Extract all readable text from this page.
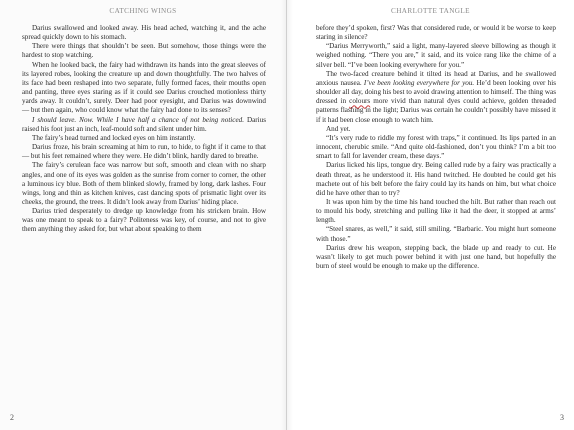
CATCHING WINGS

Darius swallowed and looked away. His head ached, watching it, and the ache spread quickly down to his stomach.

There were things that shouldn’t be seen. But somehow, those things were the hardest to stop watching.

When he looked back, the fairy had withdrawn its hands into the great sleeves of its layered robes, looking the creature up and down thoughtfully. The two halves of its face had been reshaped into two separate, fully formed faces, their mouths open and panting, three eyes staring as if it could see Darius crouched motionless thirty yards away. It couldn’t, surely. Deer had poor eyesight, and Darius was downwind — but then again, who could know what the fairy had done to its senses?

I should leave. Now. While I have half a chance of not being noticed. Darius raised his foot just an inch, leaf-mould soft and silent under him.

The fairy’s head turned and locked eyes on him instantly.

Darius froze, his brain screaming at him to run, to hide, to fight if it came to that — but his feet remained where they were. He didn’t blink, hardly dared to breathe.

The fairy’s cerulean face was narrow but soft, smooth and clean with no sharp angles, and one of its eyes was golden as the sunrise from corner to corner, the other a luminous icy blue. Both of them blinked slowly, framed by long, dark lashes. Four wings, long and thin as kitchen knives, cast dancing spots of prismatic light over its cheeks, the ground, the trees. It didn’t look away from Darius’ hiding place.

Darius tried desperately to dredge up knowledge from his stricken brain. How was one meant to speak to a fairy? Politeness was key, of course, and not to give them anything they asked for, but what about speaking to them

2
CHARLOTTE TANGLE

before they’d spoken, first? Was that considered rude, or would it be worse to keep staring in silence?

“Darius Merryworth,” said a light, many-layered sleeve billowing as though it weighed nothing. “There you are,” it said, and its voice rang like the chime of a silver bell. “I’ve been looking everywhere for you.”

The two-faced creature behind it tilted its head at Darius, and he swallowed anxious nausea. I’ve been looking everywhere for you. He’d been looking over his shoulder all day, doing his best to avoid drawing attention to himself. The thing was dressed in colours more vivid than natural dyes could achieve, golden threaded patterns flashing in the light; Darius was certain he couldn’t possibly have missed it if it had been close enough to watch him.

And yet.

“It’s very rude to riddle my forest with traps,” it continued. Its lips parted in an innocent, cherubic smile. “And quite old-fashioned, don’t you think? I’m a bit too smart to fall for lavender cream, these days.”

Darius licked his lips, tongue dry. Being called rude by a fairy was practically a death threat, as he understood it. His hand twitched. He doubted he could get his machete out of his belt before the fairy could lay its hands on him, but what choice did he have other than to try?

It was upon him by the time his hand touched the hilt. But rather than reach out to mould his body, stretching and pulling like it had the deer, it stopped at arms’ length.

“Steel snares, as well,” it said, still smiling. “Barbaric. You might hurt someone with those.”

Darius drew his weapon, stepping back, the blade up and ready to cut. He wasn’t likely to get much power behind it with just one hand, but hopefully the burn of steel would be enough to make up the difference.

3
